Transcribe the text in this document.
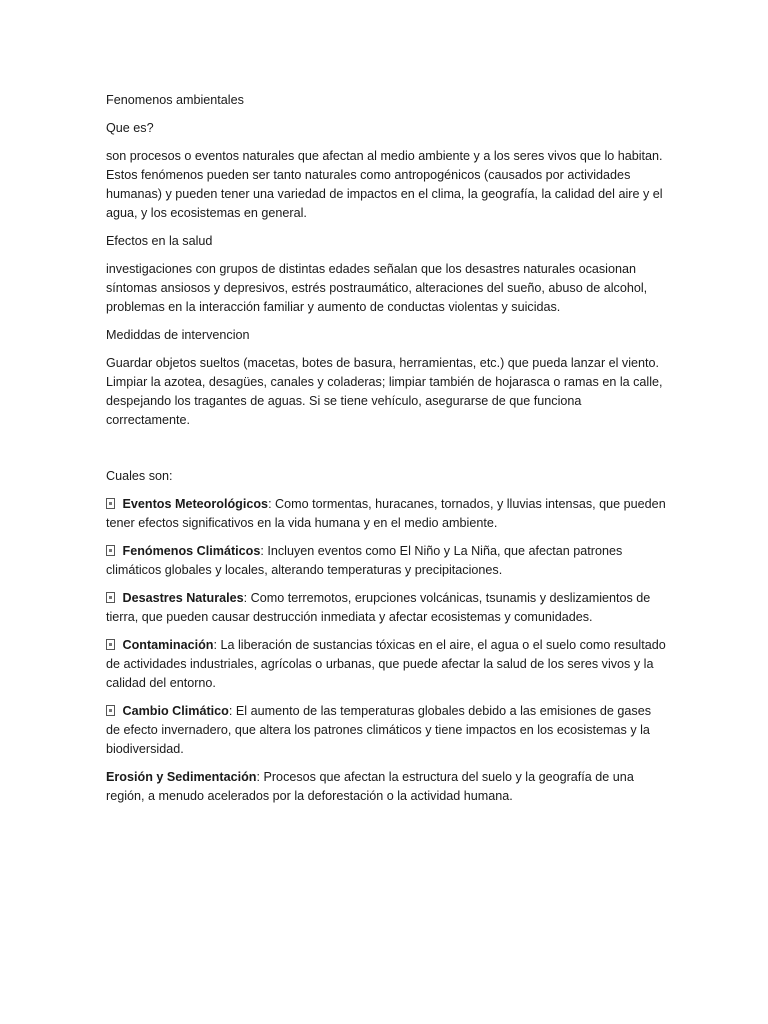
Fenomenos ambientales

Que es?

son procesos o eventos naturales que afectan al medio ambiente y a los seres vivos que lo habitan. Estos fenómenos pueden ser tanto naturales como antropogénicos (causados por actividades humanas) y pueden tener una variedad de impactos en el clima, la geografía, la calidad del aire y el agua, y los ecosistemas en general.

Efectos en la salud

investigaciones con grupos de distintas edades señalan que los desastres naturales ocasionan síntomas ansiosos y depresivos, estrés postraumático, alteraciones del sueño, abuso de alcohol, problemas en la interacción familiar y aumento de conductas violentas y suicidas.

Mediddas de intervencion

Guardar objetos sueltos (macetas, botes de basura, herramientas, etc.) que pueda lanzar el viento. Limpiar la azotea, desagües, canales y coladeras; limpiar también de hojarasca o ramas en la calle, despejando los tragantes de aguas. Si se tiene vehículo, asegurarse de que funciona correctamente.

Cuales son:

Eventos Meteorológicos: Como tormentas, huracanes, tornados, y lluvias intensas, que pueden tener efectos significativos en la vida humana y en el medio ambiente.

Fenómenos Climáticos: Incluyen eventos como El Niño y La Niña, que afectan patrones climáticos globales y locales, alterando temperaturas y precipitaciones.

Desastres Naturales: Como terremotos, erupciones volcánicas, tsunamis y deslizamientos de tierra, que pueden causar destrucción inmediata y afectar ecosistemas y comunidades.

Contaminación: La liberación de sustancias tóxicas en el aire, el agua o el suelo como resultado de actividades industriales, agrícolas o urbanas, que puede afectar la salud de los seres vivos y la calidad del entorno.

Cambio Climático: El aumento de las temperaturas globales debido a las emisiones de gases de efecto invernadero, que altera los patrones climáticos y tiene impactos en los ecosistemas y la biodiversidad.

Erosión y Sedimentación: Procesos que afectan la estructura del suelo y la geografía de una región, a menudo acelerados por la deforestación o la actividad humana.
